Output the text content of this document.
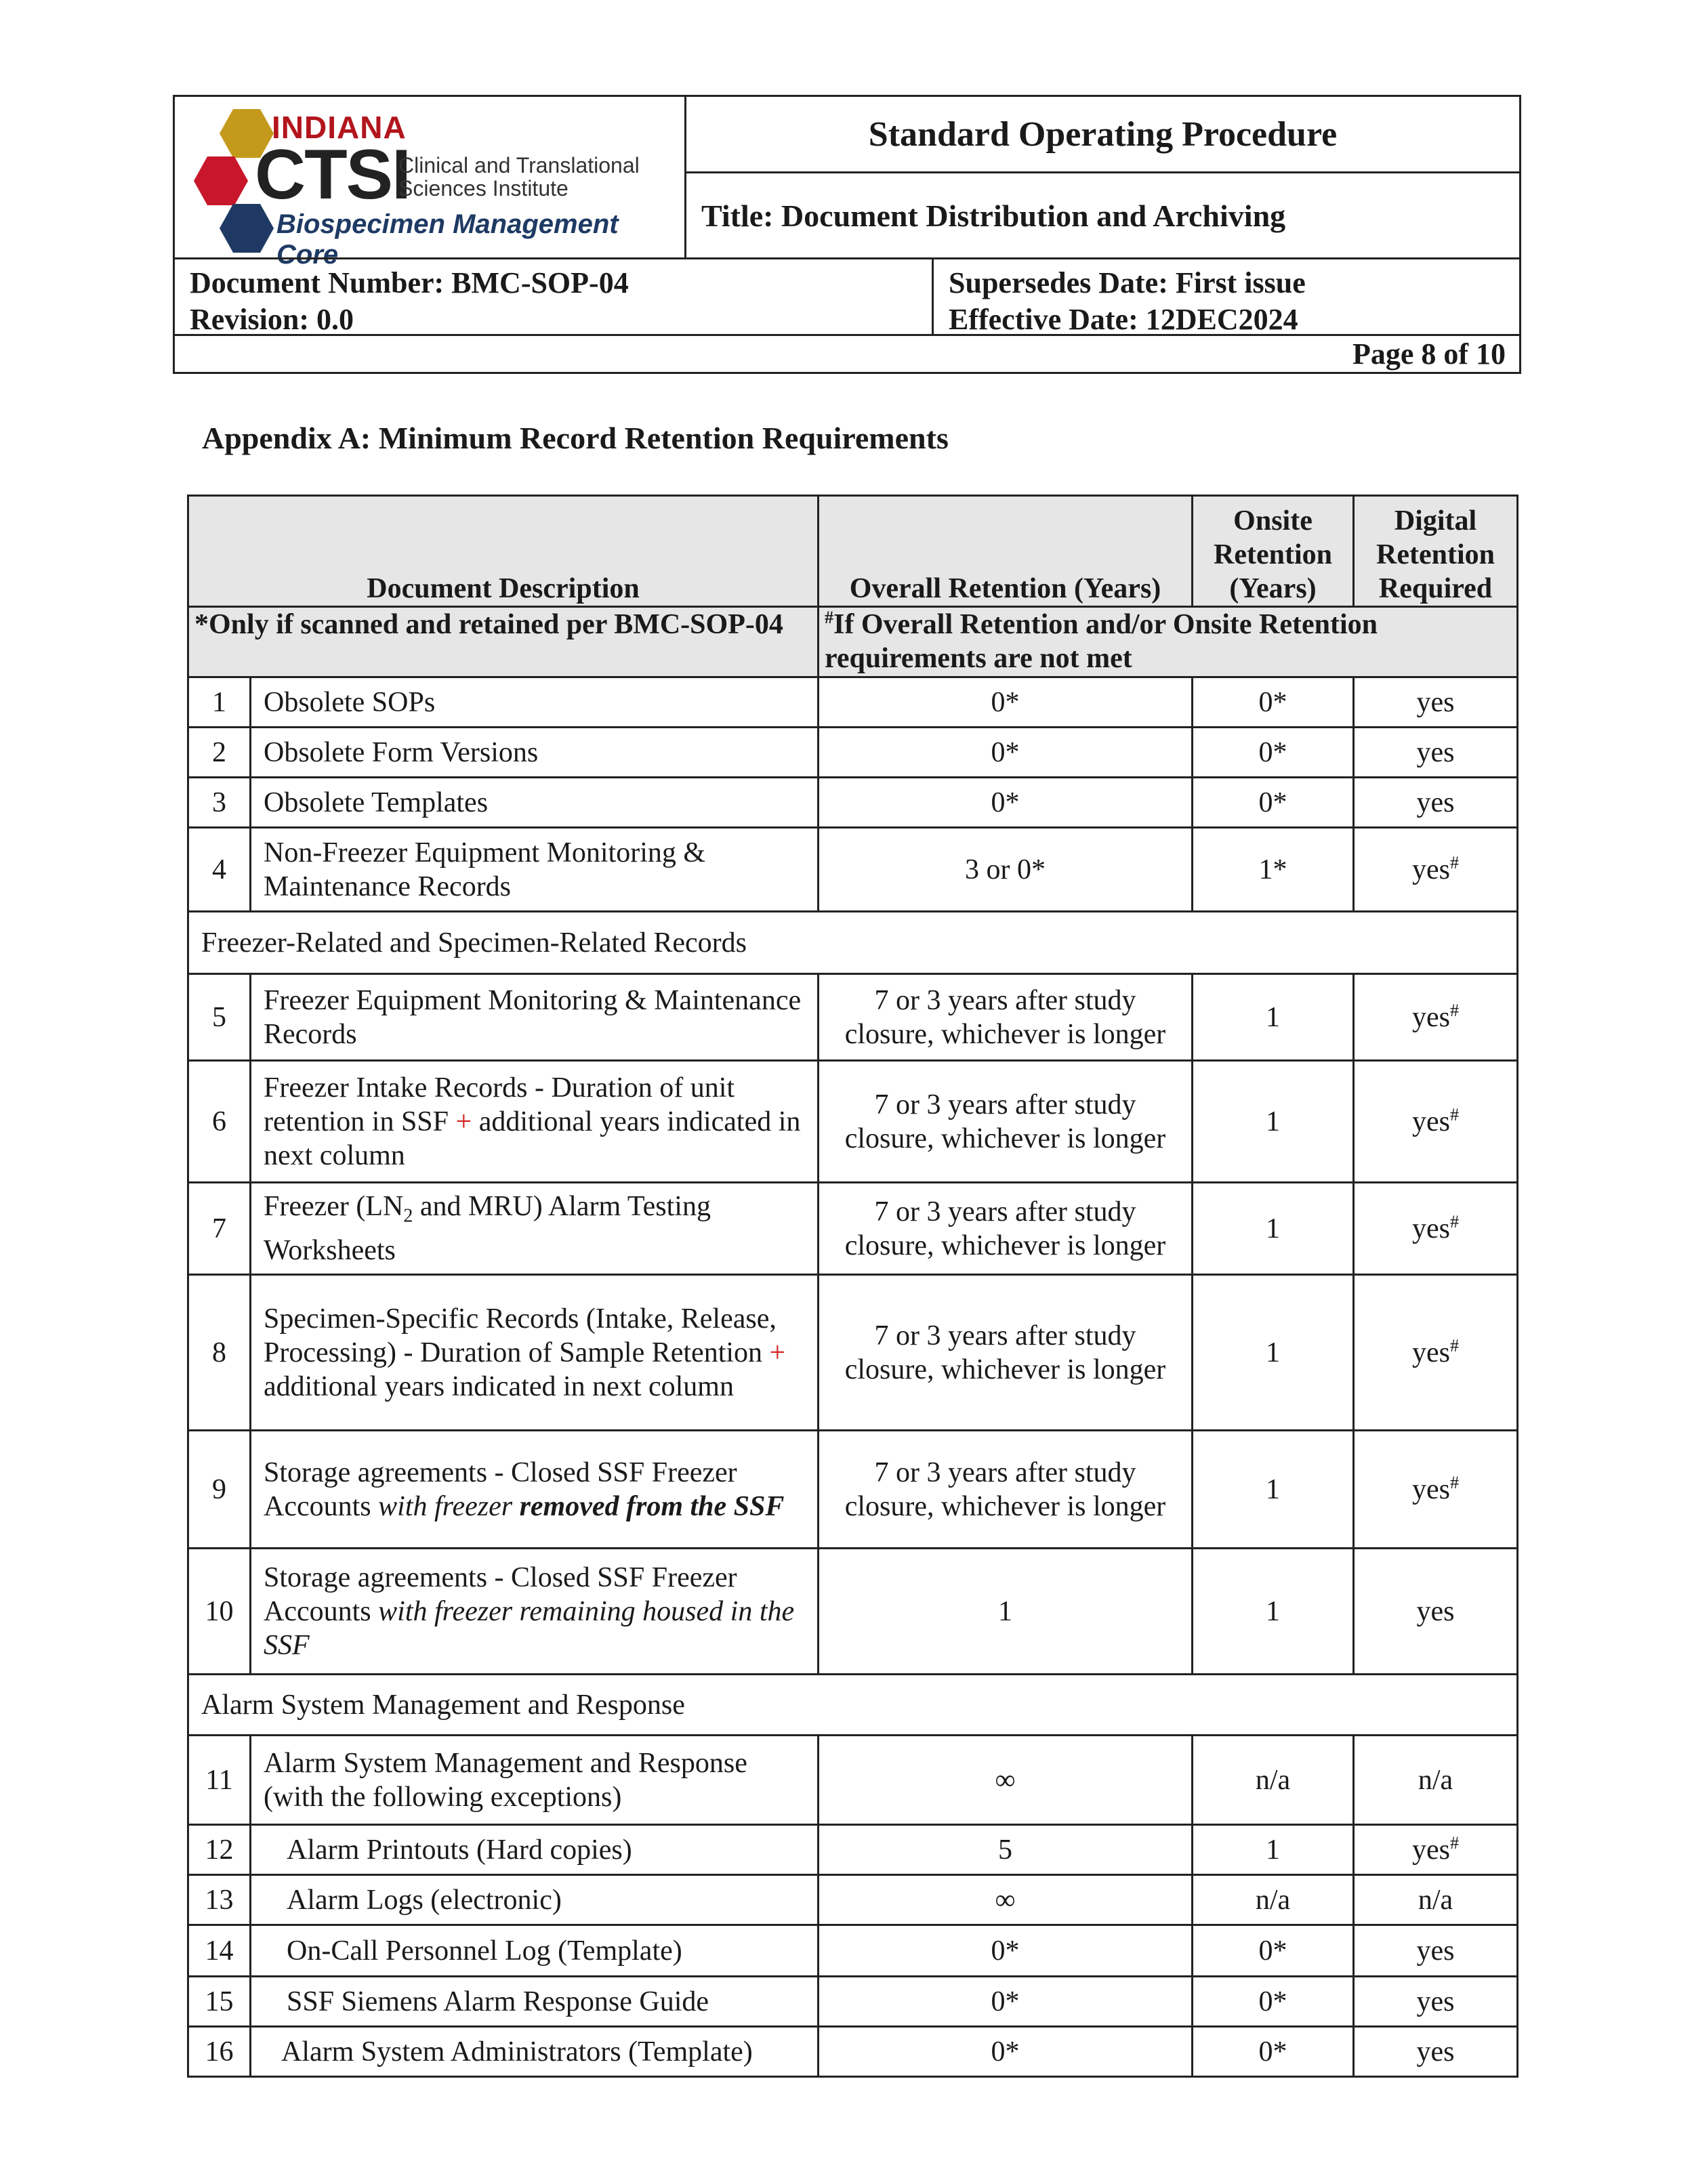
INDIANA
CTSI
Clinical and Translational
Sciences Institute
Biospecimen Management Core
Standard Operating Procedure
Title: Document Distribution and Archiving
Document Number: BMC-SOP-04
Revision: 0.0
Supersedes Date: First issue
Effective Date: 12DEC2024
Page 8 of 10
Appendix A: Minimum Record Retention Requirements
Document Description		Overall Retention (Years)	Onsite Retention (Years)	Digital Retention Required
*Only if scanned and retained per BMC-SOP-04		#If Overall Retention and/or Onsite Retention requirements are not met		
1	Obsolete SOPs	0*	0*	yes
2	Obsolete Form Versions	0*	0*	yes
3	Obsolete Templates	0*	0*	yes
4	Non-Freezer Equipment Monitoring & Maintenance Records	3 or 0*	1*	yes#
Freezer-Related and Specimen-Related Records				
5	Freezer Equipment Monitoring & Maintenance Records	7 or 3 years after study closure, whichever is longer	1	yes#
6	Freezer Intake Records - Duration of unit retention in SSF + additional years indicated in next column	7 or 3 years after study closure, whichever is longer	1	yes#
7	Freezer ($LN_2$ and MRU) Alarm Testing Worksheets	7 or 3 years after study closure, whichever is longer	1	yes#
8	Specimen-Specific Records (Intake, Release, Processing) - Duration of Sample Retention +
additional years indicated in next column	7 or 3 years after study closure, whichever is longer	1	yes#
9	Storage agreements - Closed SSF Freezer Accounts with freezer removed from the SSF	7 or 3 years after study closure, whichever is longer	1	yes#
10	Storage agreements - Closed SSF Freezer Accounts with freezer remaining housed in the SSF	1	1	yes
Alarm System Management and Response				
11	Alarm System Management and Response (with the following exceptions)	∞	n/a	n/a
12	Alarm Printouts (Hard copies)	5	1	yes#
13	Alarm Logs (electronic)	∞	n/a	n/a
14	On-Call Personnel Log (Template)	0*	0*	yes
15	SSF Siemens Alarm Response Guide	0*	0*	yes
16	Alarm System Administrators (Template)	0*	0*	yes
